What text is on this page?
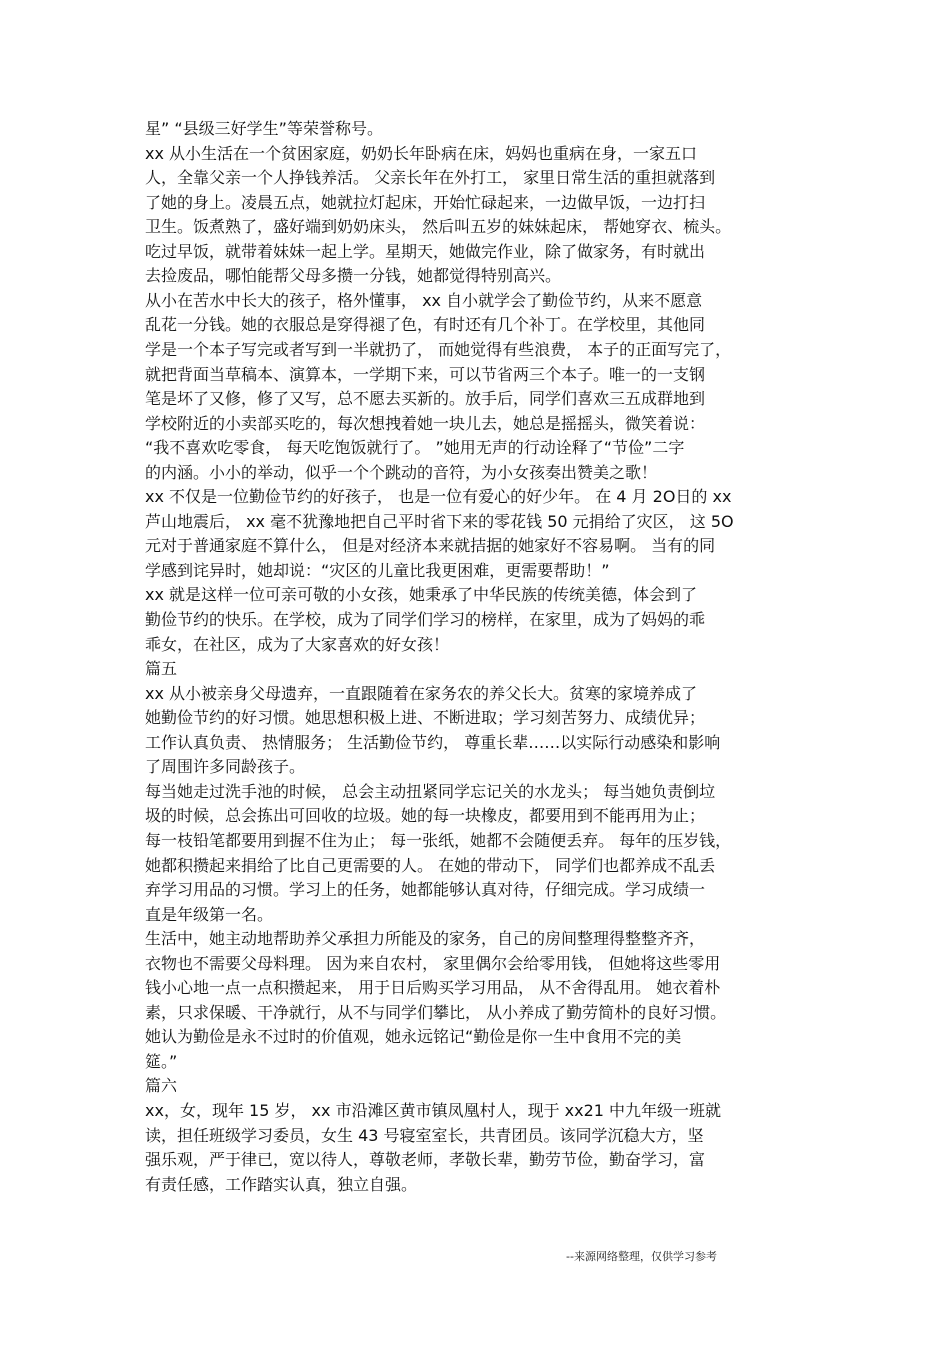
星” “县级三好学生”等荣誉称号。
xx 从小生活在一个贫困家庭，奶奶长年卧病在床，妈妈也重病在身，一家五口
人，全靠父亲一个人挣钱养活。 父亲长年在外打工， 家里日常生活的重担就落到
了她的身上。凌晨五点，她就拉灯起床，开始忙碌起来，一边做早饭，一边打扫
卫生。饭煮熟了，盛好端到奶奶床头， 然后叫五岁的妹妹起床， 帮她穿衣、梳头。
吃过早饭，就带着妹妹一起上学。星期天，她做完作业，除了做家务，有时就出
去捡废品，哪怕能帮父母多攒一分钱，她都觉得特别高兴。
从小在苦水中长大的孩子，格外懂事， xx 自小就学会了勤俭节约，从来不愿意
乱花一分钱。她的衣服总是穿得褪了色，有时还有几个补丁。在学校里，其他同
学是一个本子写完或者写到一半就扔了， 而她觉得有些浪费， 本子的正面写完了，
就把背面当草稿本、演算本，一学期下来，可以节省两三个本子。唯一的一支钢
笔是坏了又修，修了又写，总不愿去买新的。放手后，同学们喜欢三五成群地到
学校附近的小卖部买吃的，每次想拽着她一块儿去，她总是摇摇头，微笑着说：
“我不喜欢吃零食， 每天吃饱饭就行了。 ”她用无声的行动诠释了“节俭”二字
的内涵。小小的举动，似乎一个个跳动的音符，为小女孩奏出赞美之歌！
xx 不仅是一位勤俭节约的好孩子， 也是一位有爱心的好少年。 在 4 月 2O日的 xx
芦山地震后， xx 毫不犹豫地把自己平时省下来的零花钱 50 元捐给了灾区， 这 5O
元对于普通家庭不算什么， 但是对经济本来就拮据的她家好不容易啊。 当有的同
学感到诧异时，她却说：“灾区的儿童比我更困难，更需要帮助！”
xx 就是这样一位可亲可敬的小女孩，她秉承了中华民族的传统美德，体会到了
勤俭节约的快乐。在学校，成为了同学们学习的榜样，在家里，成为了妈妈的乖
乖女，在社区，成为了大家喜欢的好女孩！
篇五
xx 从小被亲身父母遗弃，一直跟随着在家务农的养父长大。贫寒的家境养成了
她勤俭节约的好习惯。她思想积极上进、不断进取；学习刻苦努力、成绩优异；
工作认真负责、 热情服务； 生活勤俭节约， 尊重长辈……以实际行动感染和影响
了周围许多同龄孩子。
每当她走过洗手池的时候， 总会主动扭紧同学忘记关的水龙头； 每当她负责倒垃
圾的时候，总会拣出可回收的垃圾。她的每一块橡皮，都要用到不能再用为止；
每一枝铅笔都要用到握不住为止； 每一张纸，她都不会随便丢弃。 每年的压岁钱，
她都积攒起来捐给了比自己更需要的人。 在她的带动下， 同学们也都养成不乱丢
弃学习用品的习惯。学习上的任务，她都能够认真对待，仔细完成。学习成绩一
直是年级第一名。
生活中，她主动地帮助养父承担力所能及的家务，自己的房间整理得整整齐齐，
衣物也不需要父母料理。 因为来自农村， 家里偶尔会给零用钱， 但她将这些零用
钱小心地一点一点积攒起来， 用于日后购买学习用品， 从不舍得乱用。 她衣着朴
素，只求保暖、干净就行，从不与同学们攀比， 从小养成了勤劳简朴的良好习惯。
她认为勤俭是永不过时的价值观，她永远铭记“勤俭是你一生中食用不完的美
筵。”
篇六
xx，女，现年 15 岁， xx 市沿滩区黄市镇凤凰村人，现于 xx21 中九年级一班就
读，担任班级学习委员，女生 43 号寝室室长，共青团员。该同学沉稳大方，坚
强乐观，严于律已，宽以待人，尊敬老师，孝敬长辈，勤劳节俭，勤奋学习，富
有责任感，工作踏实认真，独立自强。
--来源网络整理，仅供学习参考
